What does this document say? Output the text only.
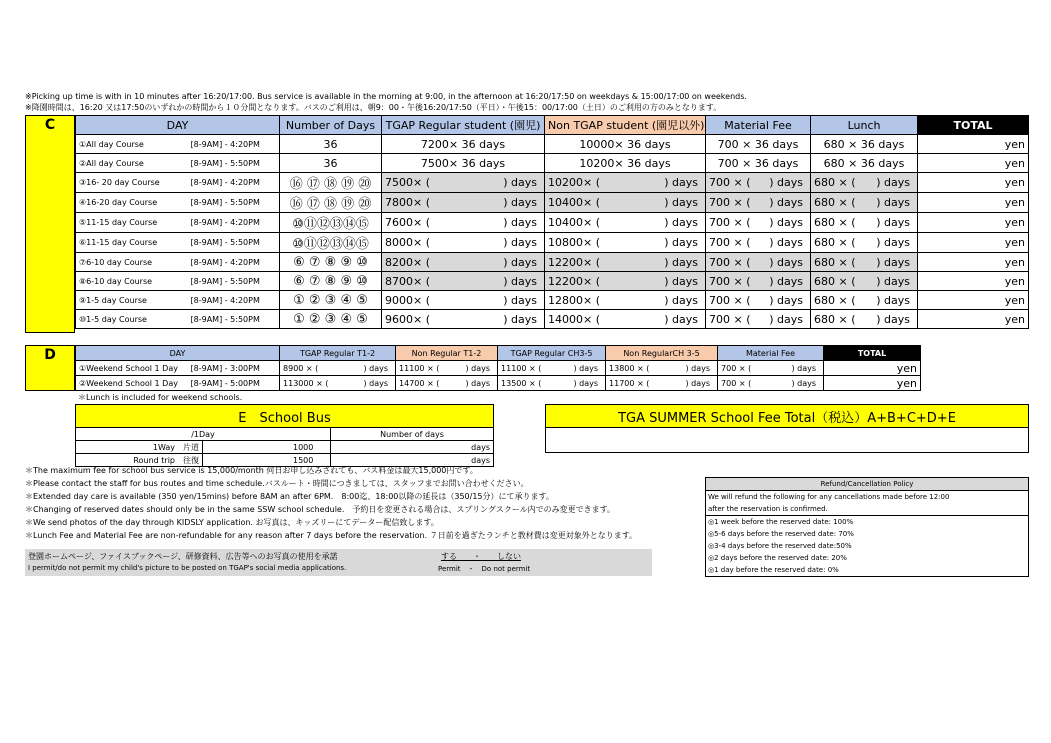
※Picking up time is with in 10 minutes after 16:20/17:00. Bus service is available in the morning at 9:00, in the afternoon at 16:20/17:50 on weekdays & 15:00/17:00 on weekends.
※降園時間は、16:20 又は17:50のいずれかの時間から１０分間となります。バスのご利用は、朝9：00・午後16:20/17:50（平日）・午後15：00/17:00（土日）のご利用の方のみとなります。
C	DAY		Number of Days	TGAP Regular student (園児)	Non TGAP student (園児以外)	Material Fee	Lunch	TOTAL
①All day Course	[8-9AM] - 4:20PM	36	7200× 36 days	10000× 36 days	700 × 36 days	680 × 36 days	yen
②All day Course	[8-9AM] - 5:50PM	36	7500× 36 days	10200× 36 days	700 × 36 days	680 × 36 days	yen
③16- 20 day Course	[8-9AM] - 4:20PM	⑯ ⑰ ⑱ ⑲ ⑳	7500× ( ) days	10200× ( ) days	700 × ( ) days	680 × ( ) days	yen
④16-20 day Course	[8-9AM] - 5:50PM	⑯ ⑰ ⑱ ⑲ ⑳	7800× ( ) days	10400× ( ) days	700 × ( ) days	680 × ( ) days	yen
⑤11-15 day Course	[8-9AM] - 4:20PM	⑩⑪⑫⑬⑭⑮	7600× ( ) days	10400× ( ) days	700 × ( ) days	680 × ( ) days	yen
⑥11-15 day Course	[8-9AM] - 5:50PM	⑩⑪⑫⑬⑭⑮	8000× ( ) days	10800× ( ) days	700 × ( ) days	680 × ( ) days	yen
⑦6-10 day Course	[8-9AM] - 4:20PM	⑥ ⑦ ⑧ ⑨ ⑩	8200× ( ) days	12200× ( ) days	700 × ( ) days	680 × ( ) days	yen
⑧6-10 day Course	[8-9AM] - 5:50PM	⑥ ⑦ ⑧ ⑨ ⑩	8700× ( ) days	12200× ( ) days	700 × ( ) days	680 × ( ) days	yen
⑨1-5 day Course	[8-9AM] - 4:20PM	① ② ③ ④ ⑤	9000× ( ) days	12800× ( ) days	700 × ( ) days	680 × ( ) days	yen
⑩1-5 day Course	[8-9AM] - 5:50PM	① ② ③ ④ ⑤	9600× ( ) days	14000× ( ) days	700 × ( ) days	680 × ( ) days	yen
D	DAY		TGAP Regular T1-2	Non Regular T1-2	TGAP Regular CH3-5	Non RegularCH 3-5	Material Fee	TOTAL
①Weekend School 1 Day	[8-9AM] - 3:00PM	8900 × ( ) days	11100 × ( ) days	11100 × ( ) days	13800 × ( ) days	700 × ( ) days	yen
②Weekend School 1 Day	[8-9AM] - 5:00PM	113000 × ( ) days	14700 × ( ) days	13500 × ( ) days	11700 × ( ) days	700 × ( ) days	yen
＊Lunch is included for weekend schools.
E　School Bus		
/1Day		Number of days
1Way　片道	1000	days
Round trip　往復	1500	days
TGA SUMMER School Fee Total（税込）A+B+C+D+E

＊The maximum fee for school bus service is 15,000/month 何日お申し込みされても、バス料金は最大15,000円です。
＊Please contact the staff for bus routes and time schedule.バスルート・時間につきましては、スタッフまでお問い合わせください。
＊Extended day care is available (350 yen/15mins) before 8AM an after 6PM.　8:00迄、18:00以降の延長は（350/15分）にて承ります。
＊Changing of reserved dates should only be in the same SSW school schedule.　予約日を変更される場合は、スプリングスクール内でのみ変更できます。
＊We send photos of the day through KIDSLY application. お写真は、キッズリーにてデーター配信致します。
＊Lunch Fee and Material Fee are non-refundable for any reason after 7 days before the reservation. ７日前を過ぎたランチと教材費は変更対象外となります。
登園ホームページ、ファイスブックページ、研修資料、広告等へのお写真の使用を承諾	する　　・　　しない
I permit/do not permit my child's picture to be posted on TGAP's social media applications.	Permit　・　Do not permit
Refund/Cancellation Policy
We will refund the following for any cancellations made before 12:00
after the reservation is confirmed.
◎1 week before the reserved date: 100%
◎5-6 days before the reserved date: 70%
◎3-4 days before the reserved date:50%
◎2 days before the reserved date: 20%
◎1 day before the reserved date: 0%
